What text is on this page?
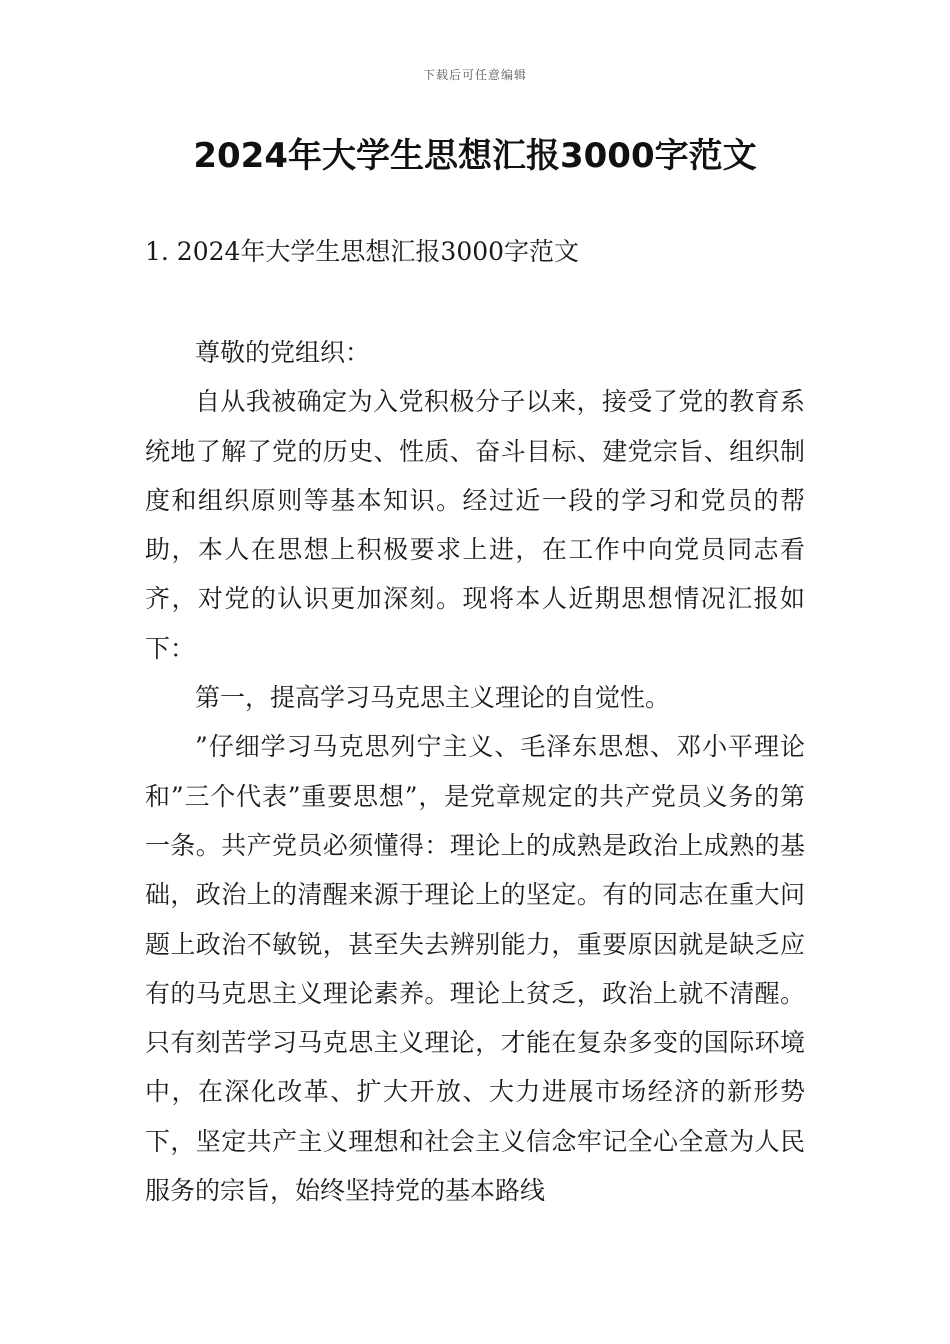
下载后可任意编辑
2024年大学生思想汇报3000字范文
1. 2024年大学生思想汇报3000字范文

尊敬的党组织：

自从我被确定为入党积极分子以来，接受了党的教育系统地了解了党的历史、性质、奋斗目标、建党宗旨、组织制度和组织原则等基本知识。经过近一段的学习和党员的帮助，本人在思想上积极要求上进，在工作中向党员同志看齐，对党的认识更加深刻。现将本人近期思想情况汇报如下：

第一，提高学习马克思主义理论的自觉性。

”仔细学习马克思列宁主义、毛泽东思想、邓小平理论和”三个代表”重要思想”，是党章规定的共产党员义务的第一条。共产党员必须懂得：理论上的成熟是政治上成熟的基础，政治上的清醒来源于理论上的坚定。有的同志在重大问题上政治不敏锐，甚至失去辨别能力，重要原因就是缺乏应有的马克思主义理论素养。理论上贫乏，政治上就不清醒。只有刻苦学习马克思主义理论，才能在复杂多变的国际环境中，在深化改革、扩大开放、大力进展市场经济的新形势下，坚定共产主义理想和社会主义信念牢记全心全意为人民服务的宗旨，始终坚持党的基本路线
